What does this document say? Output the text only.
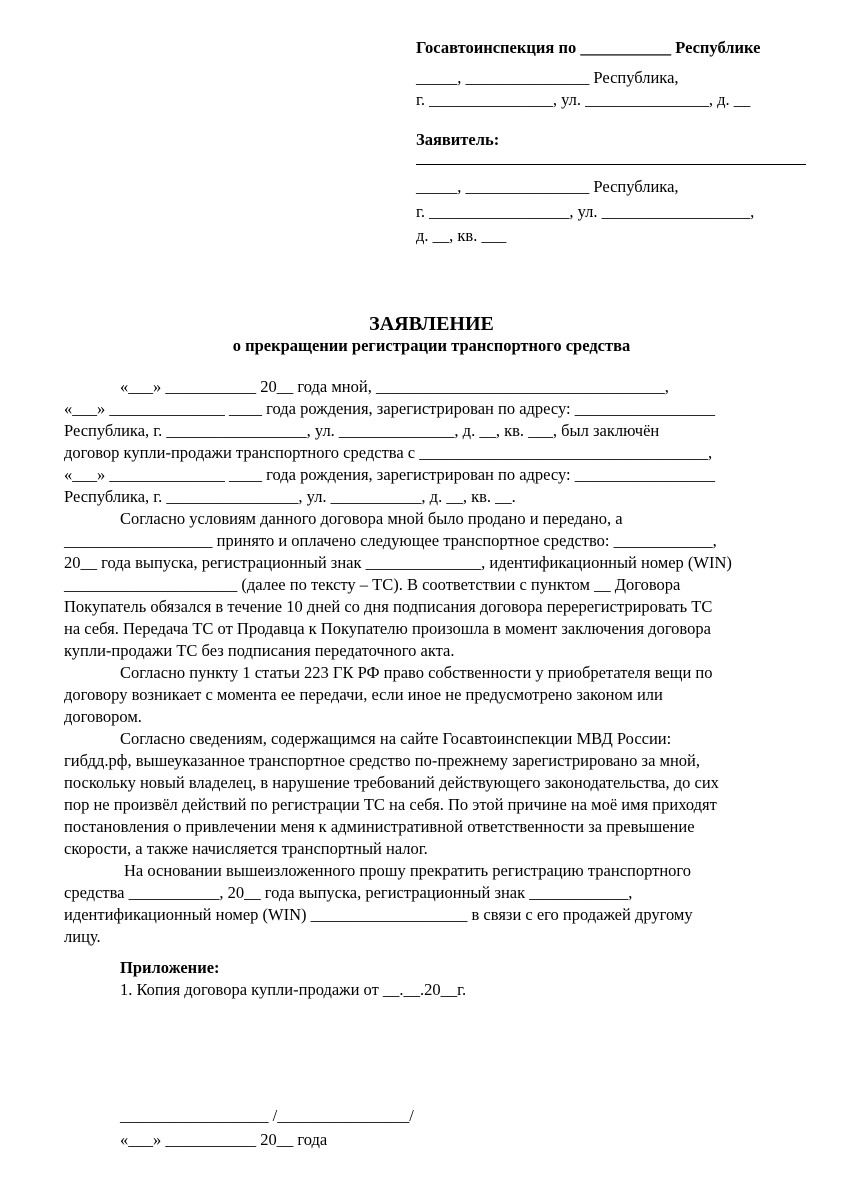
Госавтоинспекция по ___________ Республике
_____, _______________ Республика,
г. _______________, ул. _______________, д. __
Заявитель:
_____, _______________ Республика,
г. _________________, ул. __________________,
д. __, кв. ___
ЗАЯВЛЕНИЕ
о прекращении регистрации транспортного средства
«___» ___________ 20__ года мной, ___________________________________,
«___» ______________ ____ года рождения, зарегистрирован по адресу: _________________
Республика, г. _________________, ул. ______________, д. __, кв. ___, был заключён
договор купли-продажи транспортного средства с ___________________________________,
«___» ______________ ____ года рождения, зарегистрирован по адресу: _________________
Республика, г. ________________, ул. ___________, д. __, кв. __.
Согласно условиям данного договора мной было продано и передано, а
__________________ принято и оплачено следующее транспортное средство: ____________,
20__ года выпуска, регистрационный знак ______________, идентификационный номер (WIN)
_____________________ (далее по тексту – ТС). В соответствии с пунктом __ Договора
Покупатель обязался в течение 10 дней со дня подписания договора перерегистрировать ТС
на себя. Передача ТС от Продавца к Покупателю произошла в момент заключения договора
купли-продажи ТС без подписания передаточного акта.
Согласно пункту 1 статьи 223 ГК РФ право собственности у приобретателя вещи по
договору возникает с момента ее передачи, если иное не предусмотрено законом или
договором.
Согласно сведениям, содержащимся на сайте Госавтоинспекции МВД России:
гибдд.рф, вышеуказанное транспортное средство по-прежнему зарегистрировано за мной,
поскольку новый владелец, в нарушение требований действующего законодательства, до сих
пор не произвёл действий по регистрации ТС на себя. По этой причине на моё имя приходят
постановления о привлечении меня к административной ответственности за превышение
скорости, а также начисляется транспортный налог.
На основании вышеизложенного прошу прекратить регистрацию транспортного
средства ___________, 20__ года выпуска, регистрационный знак ____________,
идентификационный номер (WIN) ___________________ в связи с его продажей другому
лицу.
Приложение:
1. Копия договора купли-продажи от __.__.20__г.
__________________ /________________/
«___» ___________ 20__ года
